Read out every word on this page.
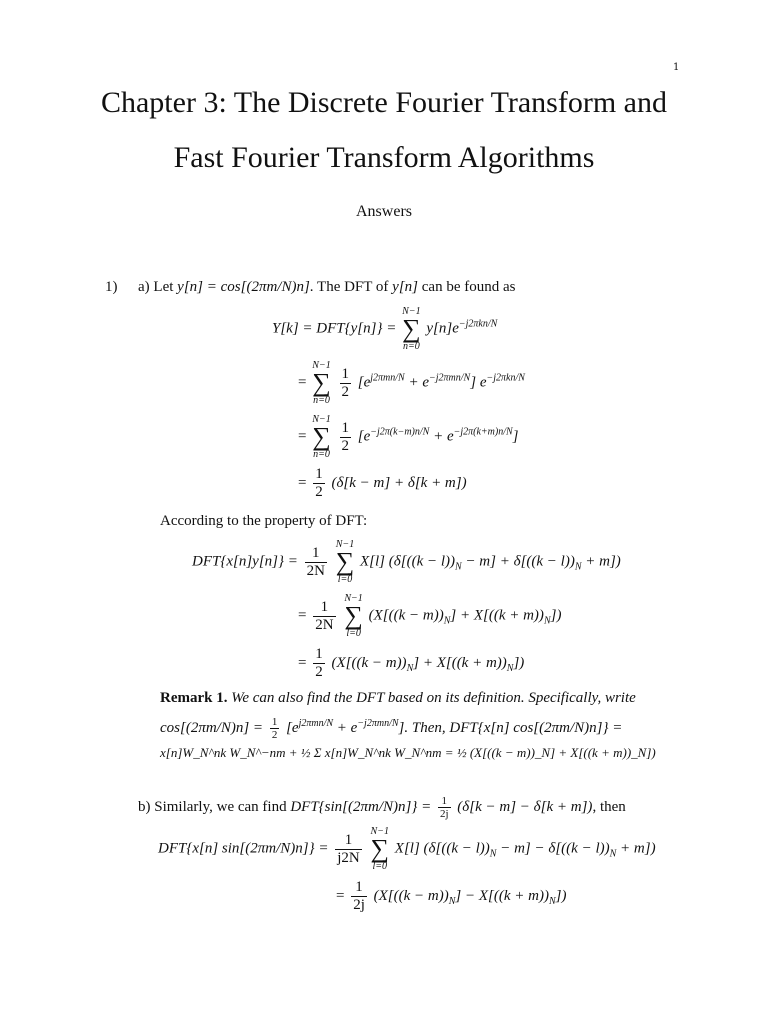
1
Chapter 3: The Discrete Fourier Transform and
Fast Fourier Transform Algorithms
Answers
1) a) Let y[n] = cos[(2πm/N)n]. The DFT of y[n] can be found as
Y[k] = DFT{y[n]} =
N−1
∑
n=0
$y[n]e^{-j2\pi kn/N}$
=
N−1
∑
n=0
$\frac{1}{2} [e^{j2\pi mn/N} + e^{-j2\pi mn/N}]$ $e^{-j2\pi kn/N}$
=
N−1
∑
n=0
$\frac{1}{2} [e^{-j2\pi(k-m)n/N} + e^{-j2\pi(k+m)n/N}]$
= $\frac{1}{2} (\delta[k - m] + \delta[k + m])$
According to the property of DFT:
$DFT\{x[n]y[n]\} = \frac{1}{2N}$
N−1
∑
l=0
X[l] $(\delta[((k - l))_N - m] + \delta[((k - l))_N + m])$
= $\frac{1}{2N}$
N−1
∑
l=0
$(X[((k - m))_N] + X[((k + m))_N])$
= $\frac{1}{2} (X[((k - m))_N] + X[((k + m))_N])$
Remark 1. We can also find the DFT based on its definition. Specifically, write
$\cos[(2\pi m/N)n] = \frac{1}{2} [e^{j2\pi mn/N} + e^{-j2\pi mn/N}]$. Then, DFT{x[n] cos[(2πm/N)n]} =
x[n]W_N^nk W_N^−nm + ½ Σ x[n]W_N^nk W_N^nm = ½ (X[((k − m))_N] + X[((k + m))_N])
b) Similarly, we can find $DFT\{\sin[(2\pi m/N)n]\} = \frac{1}{2j} (\delta[k - m] - \delta[k + m])$, then
DFT{x[n] $\sin[(2\pi m/N)n]\} = \frac{1}{j2N}$
N−1
∑
l=0
X[l] $(\delta[((k - l))_N - m] - \delta[((k - l))_N + m])$
= $\frac{1}{2j} (X[((k - m))_N] - X[((k + m))_N])$
